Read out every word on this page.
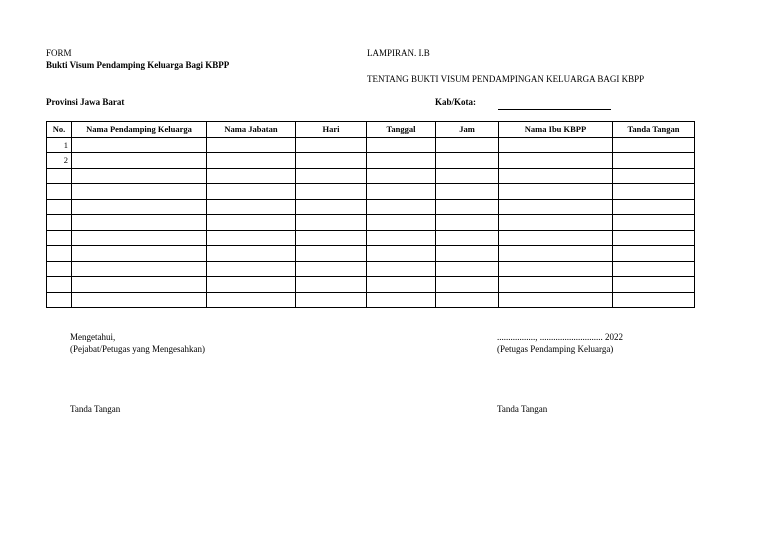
FORM
Bukti Visum Pendamping Keluarga Bagi KBPP
LAMPIRAN. I.B
TENTANG BUKTI VISUM PENDAMPINGAN KELUARGA BAGI KBPP
Provinsi Jawa Barat	Kab/Kota:
No.	Nama Pendamping Keluarga	Nama Jabatan	Hari	Tanggal	Jam	Nama Ibu KBPP	Tanda Tangan
1							
2							

Mengetahui,
(Pejabat/Petugas yang Mengesahkan)
Tanda Tangan
................., ............................ 2022
(Petugas Pendamping Keluarga)
Tanda Tangan
